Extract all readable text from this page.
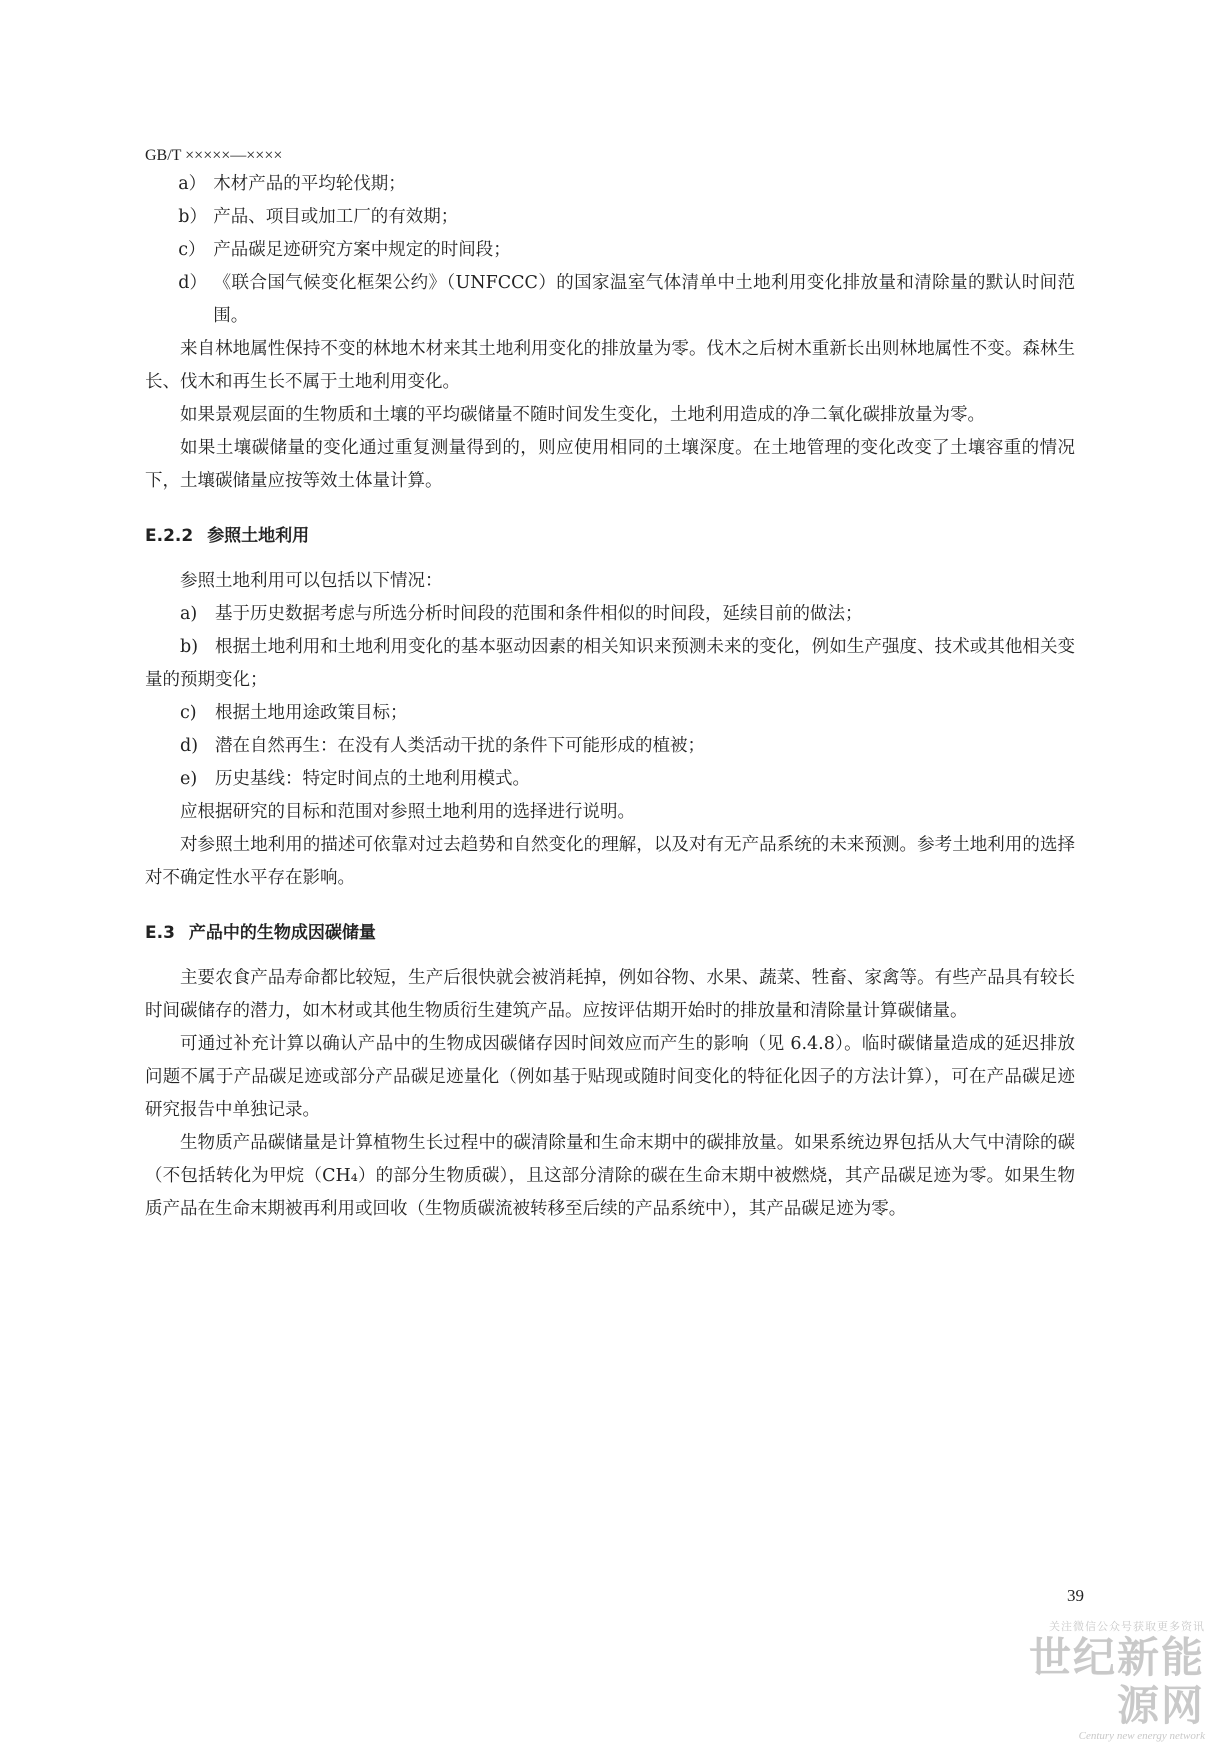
GB/T ×××××—××××

a） 木材产品的平均轮伐期；

b） 产品、项目或加工厂的有效期；

c） 产品碳足迹研究方案中规定的时间段；

d） 《联合国气候变化框架公约》（UNFCCC）的国家温室气体清单中土地利用变化排放量和清除量的默认时间范围。

来自林地属性保持不变的林地木材来其土地利用变化的排放量为零。伐木之后树木重新长出则林地属性不变。森林生长、伐木和再生长不属于土地利用变化。

如果景观层面的生物质和土壤的平均碳储量不随时间发生变化，土地利用造成的净二氧化碳排放量为零。

如果土壤碳储量的变化通过重复测量得到的，则应使用相同的土壤深度。在土地管理的变化改变了土壤容重的情况下，土壤碳储量应按等效土体量计算。

E.2.2 参照土地利用

参照土地利用可以包括以下情况：

a) 基于历史数据考虑与所选分析时间段的范围和条件相似的时间段，延续目前的做法；

b) 根据土地利用和土地利用变化的基本驱动因素的相关知识来预测未来的变化，例如生产强度、技术或其他相关变量的预期变化；

c) 根据土地用途政策目标；

d) 潜在自然再生：在没有人类活动干扰的条件下可能形成的植被；

e) 历史基线：特定时间点的土地利用模式。

应根据研究的目标和范围对参照土地利用的选择进行说明。

对参照土地利用的描述可依靠对过去趋势和自然变化的理解，以及对有无产品系统的未来预测。参考土地利用的选择对不确定性水平存在影响。

E.3 产品中的生物成因碳储量

主要农食产品寿命都比较短，生产后很快就会被消耗掉，例如谷物、水果、蔬菜、牲畜、家禽等。有些产品具有较长时间碳储存的潜力，如木材或其他生物质衍生建筑产品。应按评估期开始时的排放量和清除量计算碳储量。

可通过补充计算以确认产品中的生物成因碳储存因时间效应而产生的影响（见 6.4.8）。临时碳储量造成的延迟排放问题不属于产品碳足迹或部分产品碳足迹量化（例如基于贴现或随时间变化的特征化因子的方法计算），可在产品碳足迹研究报告中单独记录。

生物质产品碳储量是计算植物生长过程中的碳清除量和生命末期中的碳排放量。如果系统边界包括从大气中清除的碳（不包括转化为甲烷（CH₄）的部分生物质碳），且这部分清除的碳在生命末期中被燃烧，其产品碳足迹为零。如果生物质产品在生命末期被再利用或回收（生物质碳流被转移至后续的产品系统中），其产品碳足迹为零。

39
关注微信公众号获取更多资讯
世纪新能源网
Century new energy network
